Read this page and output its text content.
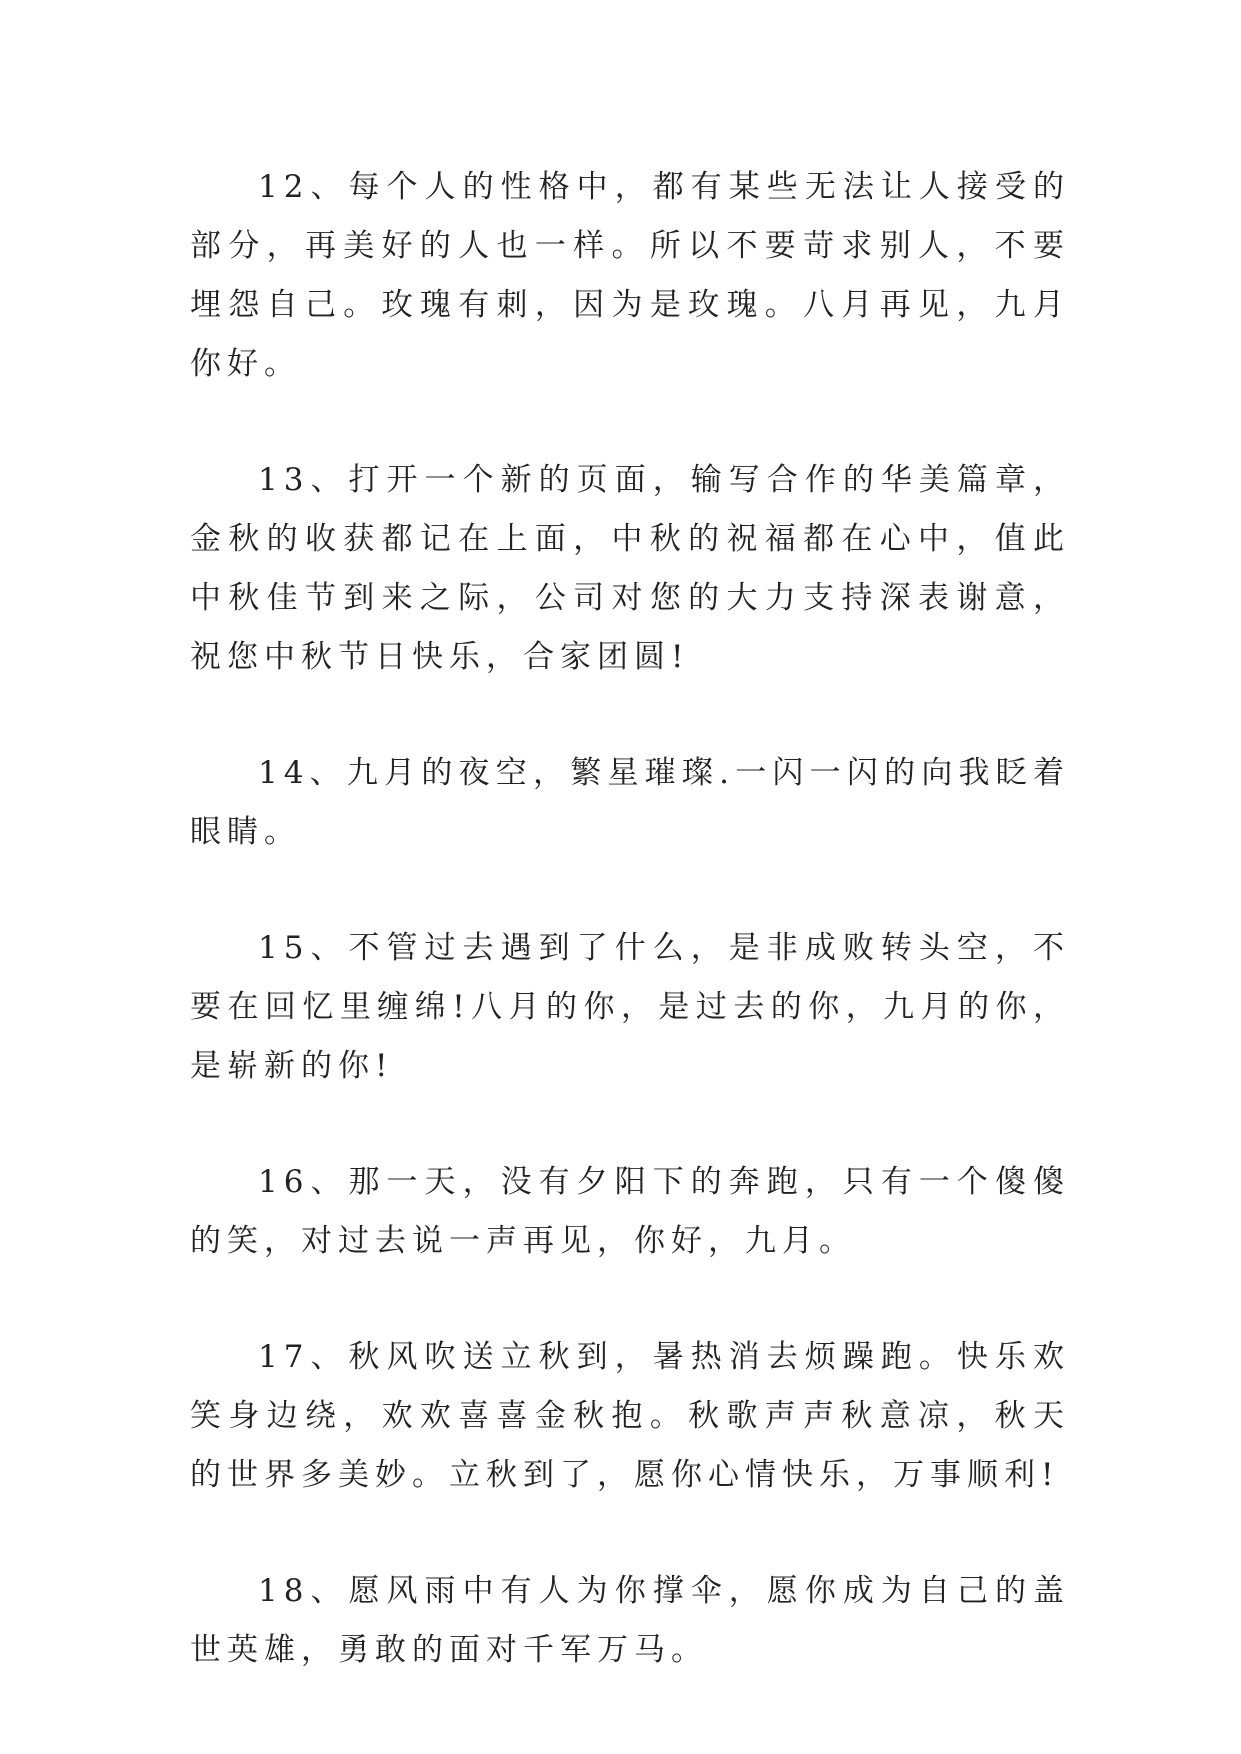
12、每个人的性格中，都有某些无法让人接受的部分，再美好的人也一样。所以不要苛求别人，不要埋怨自己。玫瑰有刺，因为是玫瑰。八月再见，九月你好。

13、打开一个新的页面，输写合作的华美篇章，金秋的收获都记在上面，中秋的祝福都在心中，值此中秋佳节到来之际，公司对您的大力支持深表谢意，祝您中秋节日快乐，合家团圆!

14、九月的夜空，繁星璀璨.一闪一闪的向我眨着眼睛。

15、不管过去遇到了什么，是非成败转头空，不要在回忆里缠绵!八月的你，是过去的你，九月的你，是崭新的你!

16、那一天，没有夕阳下的奔跑，只有一个傻傻的笑，对过去说一声再见，你好，九月。

17、秋风吹送立秋到，暑热消去烦躁跑。快乐欢笑身边绕，欢欢喜喜金秋抱。秋歌声声秋意凉，秋天的世界多美妙。立秋到了，愿你心情快乐，万事顺利!

18、愿风雨中有人为你撑伞，愿你成为自己的盖世英雄，勇敢的面对千军万马。
